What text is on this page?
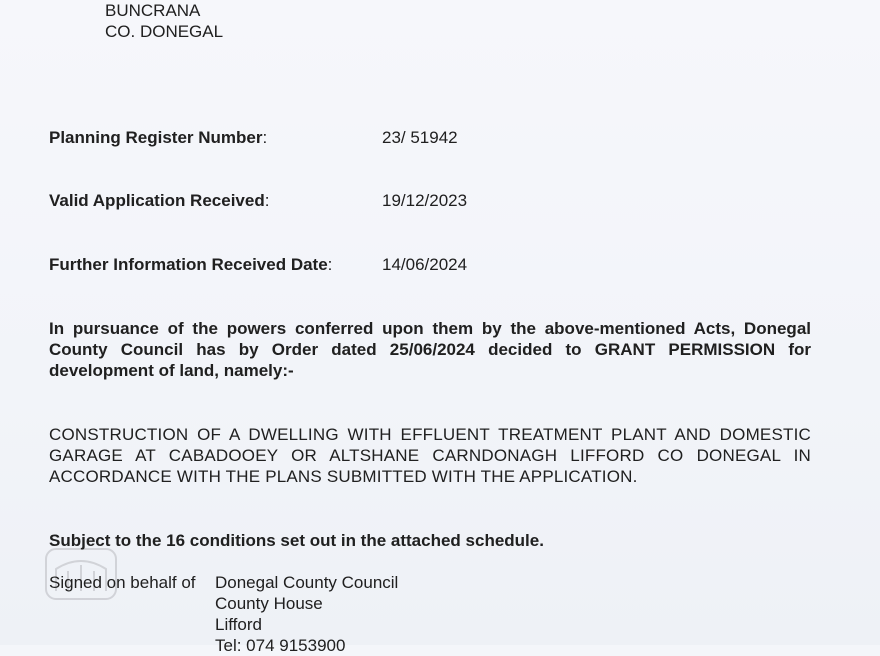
BUNCRANA
CO. DONEGAL
Planning Register Number:	23/ 51942
Valid Application Received:	19/12/2023
Further Information Received Date:	14/06/2024
In pursuance of the powers conferred upon them by the above-mentioned Acts, Donegal County Council has by Order dated 25/06/2024 decided to GRANT PERMISSION for development of land, namely:-
CONSTRUCTION OF A DWELLING WITH EFFLUENT TREATMENT PLANT AND DOMESTIC GARAGE AT CABADOOEY OR ALTSHANE CARNDONAGH LIFFORD CO DONEGAL IN ACCORDANCE WITH THE PLANS SUBMITTED WITH THE APPLICATION.
Subject to the 16 conditions set out in the attached schedule.
Signed on behalf of Donegal County Council
County House
Lifford
Tel: 074 9153900
